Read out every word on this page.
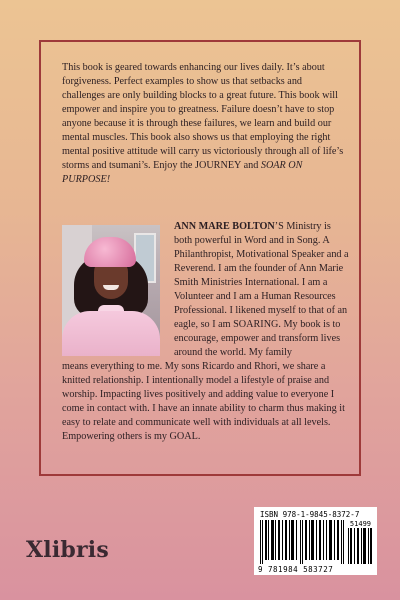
This book is geared towards enhancing our lives daily. It’s about forgiveness. Perfect examples to show us that setbacks and challenges are only building blocks to a great future. This book will empower and inspire you to greatness. Failure doesn’t have to stop anyone because it is through these failures, we learn and build our mental muscles. This book also shows us that employing the right mental positive attitude will carry us victoriously through all of life’s storms and tsumani’s. Enjoy the JOURNEY and SOAR ON PURPOSE!

ANN MARE BOLTON’S Ministry is both powerful in Word and in Song. A Philanthropist, Motivational Speaker and a Reverend. I am the founder of Ann Marie Smith Ministries International. I am a Volunteer and I am a Human Resources Professional. I likened myself to that of an eagle, so I am SOARING. My book is to encourage, empower and transform lives around the world. My family

means everything to me. My sons Ricardo and Rhori, we share a knitted relationship. I intentionally model a lifestyle of praise and worship. Impacting lives positively and adding value to everyone I come in contact with. I have an innate ability to charm thus making it easy to relate and communicate well with individuals at all levels. Empowering others is my GOAL.

Xlibris
ISBN 978-1-9845-8372-7
51499
9 781984 583727
